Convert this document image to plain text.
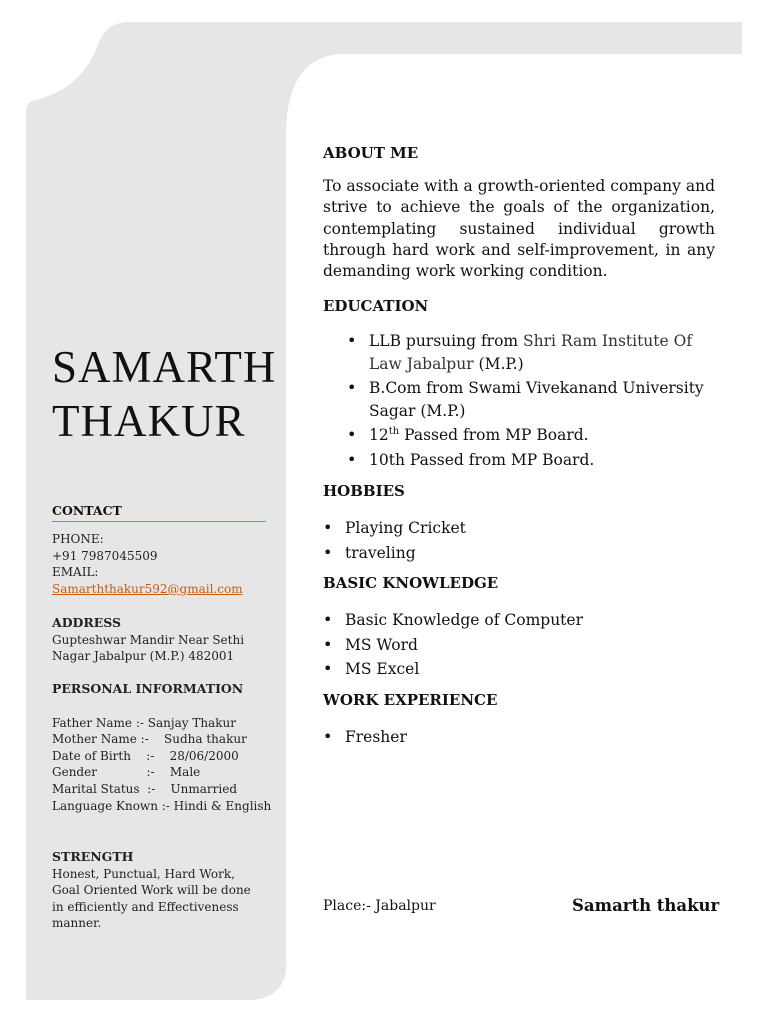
SAMARTH
THAKUR
CONTACT
PHONE:
+91 7987045509
EMAIL:
Samarththakur592@gmail.com
ADDRESS
Gupteshwar Mandir Near Sethi
Nagar Jabalpur (M.P.) 482001
PERSONAL INFORMATION
Father Name :- Sanjay Thakur
Mother Name :- Sudha thakur
Date of Birth :- 28/06/2000
Gender :- Male
Marital Status :- Unmarried
Language Known :- Hindi & English
STRENGTH
Honest, Punctual, Hard Work, Goal Oriented Work will be done in efficiently and Effectiveness manner.
ABOUT ME
To associate with a growth-oriented company and strive to achieve the goals of the organization, contemplating sustained individual growth through hard work and self-improvement, in any demanding work working condition.
EDUCATION
• LLB pursuing from Shri Ram Institute Of Law Jabalpur (M.P.)
• B.Com from Swami Vivekanand University Sagar (M.P.)
• 12th Passed from MP Board.
• 10th Passed from MP Board.
HOBBIES
• Playing Cricket
• traveling
BASIC KNOWLEDGE
• Basic Knowledge of Computer
• MS Word
• MS Excel
WORK EXPERIENCE
• Fresher
Place:- Jabalpur	Samarth thakur
